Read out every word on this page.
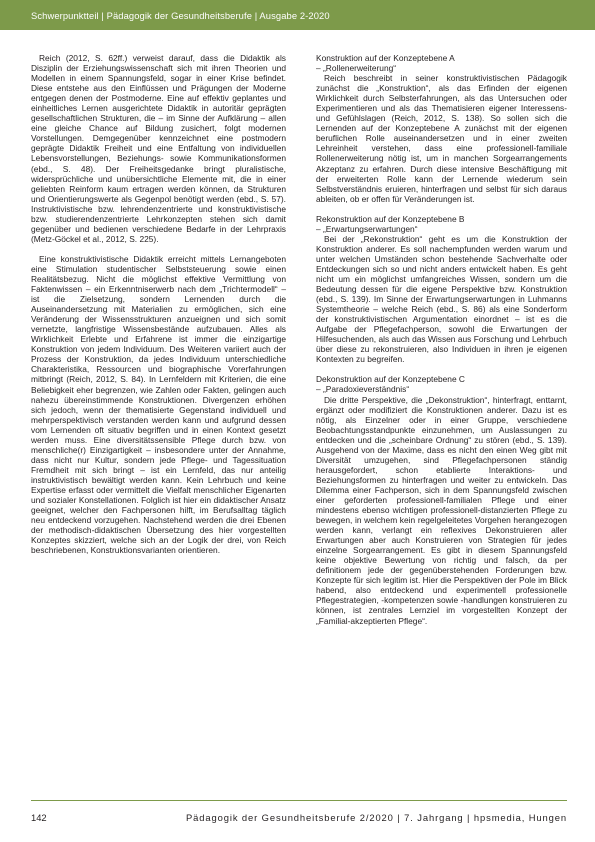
Schwerpunktteil | Pädagogik der Gesundheitsberufe | Ausgabe 2-2020

Reich (2012, S. 62ff.) verweist darauf, dass die Didaktik als Disziplin der Erziehungswissenschaft sich mit ihren Theorien und Modellen in einem Spannungsfeld, sogar in einer Krise befindet. Diese entstehe aus den Einflüssen und Prägungen der Moderne entgegen denen der Postmoderne. Eine auf effektiv geplantes und einheitliches Lernen ausgerichtete Didaktik in autoritär geprägten gesellschaftlichen Strukturen, die – im Sinne der Aufklärung – allen eine gleiche Chance auf Bildung zusichert, folgt modernen Vorstellungen. Demgegenüber kennzeichnet eine postmodern geprägte Didaktik Freiheit und eine Entfaltung von individuellen Lebensvorstellungen, Beziehungs- sowie Kommunikationsformen (ebd., S. 48). Der Freiheitsgedanke bringt pluralistische, widersprüchliche und unübersichtliche Elemente mit, die in einer geliebten Reinform kaum ertragen werden können, da Strukturen und Orientierungswerte als Gegenpol benötigt werden (ebd., S. 57). Instruktivistische bzw. lehrendenzentrierte und konstruktivistische bzw. studierendenzentrierte Lehrkonzepten stehen sich damit gegenüber und bedienen verschiedene Bedarfe in der Lehrpraxis (Metz-Göckel et al., 2012, S. 225).

Eine konstruktivistische Didaktik erreicht mittels Lernangeboten eine Stimulation studentischer Selbststeuerung sowie einen Realitätsbezug. Nicht die möglichst effektive Vermittlung von Faktenwissen – ein Erkenntniserwerb nach dem „Trichtermodell“ – ist die Zielsetzung, sondern Lernenden durch die Auseinandersetzung mit Materialien zu ermöglichen, sich eine Veränderung der Wissensstrukturen anzueignen und sich somit vernetzte, langfristige Wissensbestände aufzubauen. Alles als Wirklichkeit Erlebte und Erfahrene ist immer die einzigartige Konstruktion von jedem Individuum. Des Weiteren variiert auch der Prozess der Konstruktion, da jedes Individuum unterschiedliche Charakteristika, Ressourcen und biographische Vorerfahrungen mitbringt (Reich, 2012, S. 84). In Lernfeldern mit Kriterien, die eine Beliebigkeit eher begrenzen, wie Zahlen oder Fakten, gelingen auch nahezu übereinstimmende Konstruktionen. Divergenzen erhöhen sich jedoch, wenn der thematisierte Gegenstand individuell und mehrperspektivisch verstanden werden kann und aufgrund dessen vom Lernenden oft situativ begriffen und in einen Kontext gesetzt werden muss. Eine diversitätssensible Pflege durch bzw. von menschliche(r) Einzigartigkeit – insbesondere unter der Annahme, dass nicht nur Kultur, sondern jede Pflege- und Tagessituation Fremdheit mit sich bringt – ist ein Lernfeld, das nur anteilig instruktivistisch bewältigt werden kann. Kein Lehrbuch und keine Expertise erfasst oder vermittelt die Vielfalt menschlicher Eigenarten und sozialer Konstellationen. Folglich ist hier ein didaktischer Ansatz geeignet, welcher den Fachpersonen hilft, im Berufsalltag täglich neu entdeckend vorzugehen. Nachstehend werden die drei Ebenen der methodisch-didaktischen Übersetzung des hier vorgestellten Konzeptes skizziert, welche sich an der Logik der drei, von Reich beschriebenen, Konstruktionsvarianten orientieren.

Konstruktion auf der Konzeptebene A
– „Rollenerweiterung“

Reich beschreibt in seiner konstruktivistischen Pädagogik zunächst die „Konstruktion“, als das Erfinden der eigenen Wirklichkeit durch Selbsterfahrungen, als das Untersuchen oder Experimentieren und als das Thematisieren eigener Interessens- und Gefühlslagen (Reich, 2012, S. 138). So sollen sich die Lernenden auf der Konzeptebene A zunächst mit der eigenen beruflichen Rolle auseinandersetzen und in einer zweiten Lehreinheit verstehen, dass eine professionell-familiale Rollenerweiterung nötig ist, um in manchen Sorgearrangements Akzeptanz zu erfahren. Durch diese intensive Beschäftigung mit der erweiterten Rolle kann der Lernende wiederum sein Selbstverständnis eruieren, hinterfragen und selbst für sich daraus ableiten, ob er offen für Veränderungen ist.

Rekonstruktion auf der Konzeptebene B
– „Erwartungserwartungen“

Bei der „Rekonstruktion“ geht es um die Konstruktion der Konstruktion anderer. Es soll nachempfunden werden warum und unter welchen Umständen schon bestehende Sachverhalte oder Entdeckungen sich so und nicht anders entwickelt haben. Es geht nicht um ein möglichst umfangreiches Wissen, sondern um die Bedeutung dessen für die eigene Perspektive bzw. Konstruktion (ebd., S. 139). Im Sinne der Erwartungserwartungen in Luhmanns Systemtheorie – welche Reich (ebd., S. 86) als eine Sonderform der konstruktivistischen Argumentation einordnet – ist es die Aufgabe der Pflegefachperson, sowohl die Erwartungen der Hilfesuchenden, als auch das Wissen aus Forschung und Lehrbuch über diese zu rekonstruieren, also Individuen in ihren je eigenen Kontexten zu begreifen.

Dekonstruktion auf der Konzeptebene C
– „Paradoxieverständnis“

Die dritte Perspektive, die „Dekonstruktion“, hinterfragt, enttarnt, ergänzt oder modifiziert die Konstruktionen anderer. Dazu ist es nötig, als Einzelner oder in einer Gruppe, verschiedene Beobachtungsstandpunkte einzunehmen, um Auslassungen zu entdecken und die „scheinbare Ordnung“ zu stören (ebd., S. 139). Ausgehend von der Maxime, dass es nicht den einen Weg gibt mit Diversität umzugehen, sind Pflegefachpersonen ständig herausgefordert, schon etablierte Interaktions- und Beziehungsformen zu hinterfragen und weiter zu entwickeln. Das Dilemma einer Fachperson, sich in dem Spannungsfeld zwischen einer geforderten professionell-familialen Pflege und einer mindestens ebenso wichtigen professionell-distanzierten Pflege zu bewegen, in welchem kein regelgeleitetes Vorgehen herangezogen werden kann, verlangt ein reflexives Dekonstruieren aller Erwartungen aber auch Konstruieren von Strategien für jedes einzelne Sorgearrangement. Es gibt in diesem Spannungsfeld keine objektive Bewertung von richtig und falsch, da per definitionem jede der gegenüberstehenden Forderungen bzw. Konzepte für sich legitim ist. Hier die Perspektiven der Pole im Blick habend, also entdeckend und experimentell professionelle Pflegestrategien, -kompetenzen sowie -handlungen konstruieren zu können, ist zentrales Lernziel im vorgestellten Konzept der „Familial-akzeptierten Pflege“.

142	Pädagogik der Gesundheitsberufe 2/2020 | 7. Jahrgang | hpsmedia, Hungen
